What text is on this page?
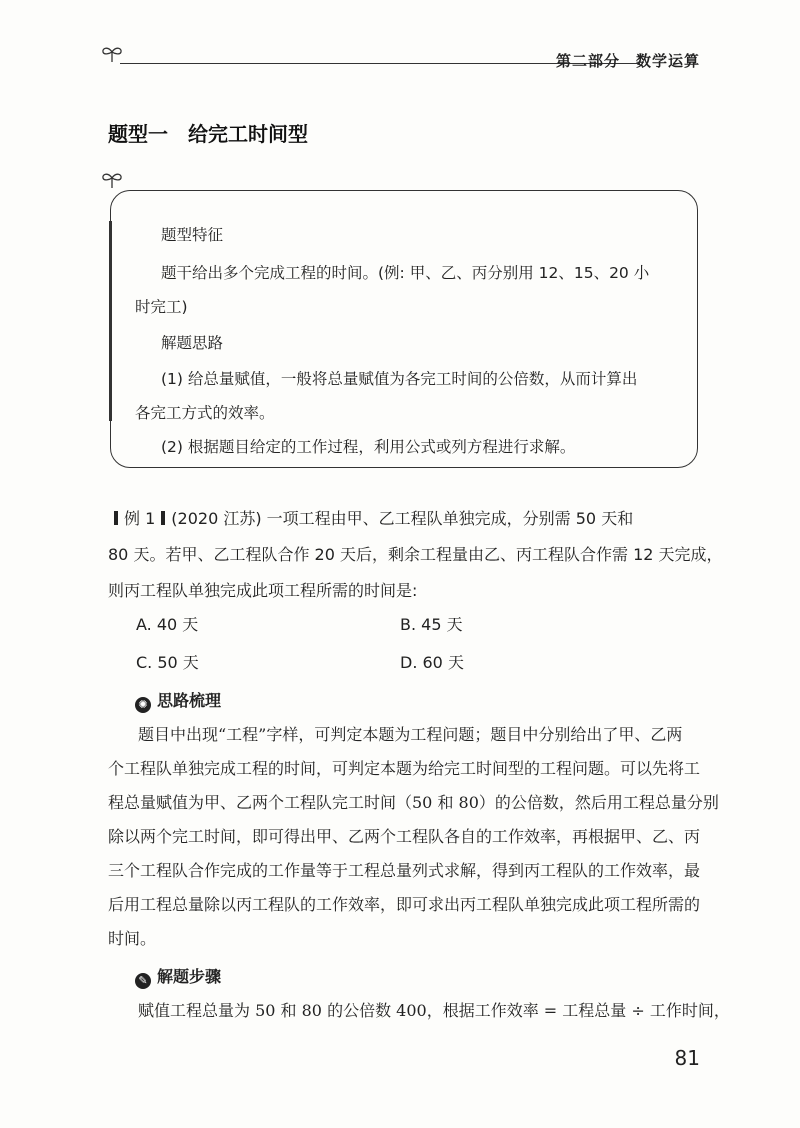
第二部分　数学运算
题型一　给完工时间型
题型特征
题干给出多个完成工程的时间。(例: 甲、乙、丙分别用 12、15、20 小
时完工)
解题思路
(1) 给总量赋值，一般将总量赋值为各完工时间的公倍数，从而计算出
各完工方式的效率。
(2) 根据题目给定的工作过程，利用公式或列方程进行求解。
例 1 (2020 江苏) 一项工程由甲、乙工程队单独完成，分别需 50 天和
80 天。若甲、乙工程队合作 20 天后，剩余工程量由乙、丙工程队合作需 12 天完成，
则丙工程队单独完成此项工程所需的时间是:
A. 40 天	B. 45 天
C. 50 天	D. 60 天
✺ 思路梳理
题目中出现“工程”字样，可判定本题为工程问题；题目中分别给出了甲、乙两
个工程队单独完成工程的时间，可判定本题为给完工时间型的工程问题。可以先将工
程总量赋值为甲、乙两个工程队完工时间（50 和 80）的公倍数，然后用工程总量分别
除以两个完工时间，即可得出甲、乙两个工程队各自的工作效率，再根据甲、乙、丙
三个工程队合作完成的工作量等于工程总量列式求解，得到丙工程队的工作效率，最
后用工程总量除以丙工程队的工作效率，即可求出丙工程队单独完成此项工程所需的
时间。
✎ 解题步骤
赋值工程总量为 50 和 80 的公倍数 400，根据工作效率 = 工程总量 ÷ 工作时间，
81
